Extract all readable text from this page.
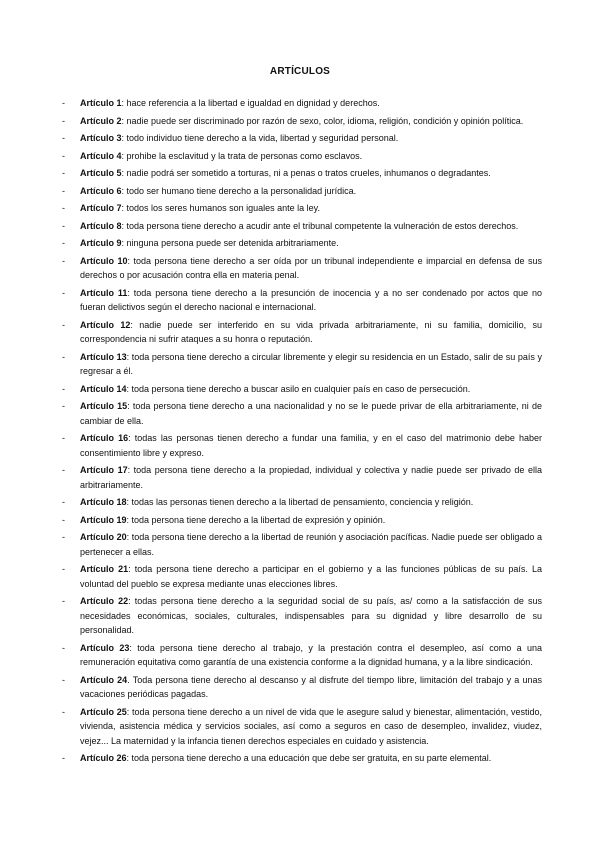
ARTÍCULOS
- Artículo 1: hace referencia a la libertad e igualdad en dignidad y derechos.
- Artículo 2: nadie puede ser discriminado por razón de sexo, color, idioma, religión, condición y opinión política.
- Artículo 3: todo individuo tiene derecho a la vida, libertad y seguridad personal.
- Artículo 4: prohibe la esclavitud y la trata de personas como esclavos.
- Artículo 5: nadie podrá ser sometido a torturas, ni a penas o tratos crueles, inhumanos o degradantes.
- Artículo 6: todo ser humano tiene derecho a la personalidad jurídica.
- Artículo 7: todos los seres humanos son iguales ante la ley.
- Artículo 8: toda persona tiene derecho a acudir ante el tribunal competente la vulneración de estos derechos.
- Artículo 9: ninguna persona puede ser detenida arbitrariamente.
- Artículo 10: toda persona tiene derecho a ser oída por un tribunal independiente e imparcial en defensa de sus derechos o por acusación contra ella en materia penal.
- Artículo 11: toda persona tiene derecho a la presunción de inocencia y a no ser condenado por actos que no fueran delictivos según el derecho nacional e internacional.
- Artículo 12: nadie puede ser interferido en su vida privada arbitrariamente, ni su familia, domicilio, su correspondencia ni sufrir ataques a su honra o reputación.
- Artículo 13: toda persona tiene derecho a circular libremente y elegir su residencia en un Estado, salir de su país y regresar a él.
- Artículo 14: toda persona tiene derecho a buscar asilo en cualquier país en caso de persecución.
- Artículo 15: toda persona tiene derecho a una nacionalidad y no se le puede privar de ella arbitrariamente, ni de cambiar de ella.
- Artículo 16: todas las personas tienen derecho a fundar una familia, y en el caso del matrimonio debe haber consentimiento libre y expreso.
- Artículo 17: toda persona tiene derecho a la propiedad, individual y colectiva y nadie puede ser privado de ella arbitrariamente.
- Artículo 18: todas las personas tienen derecho a la libertad de pensamiento, conciencia y religión.
- Artículo 19: toda persona tiene derecho a la libertad de expresión y opinión.
- Artículo 20: toda persona tiene derecho a la libertad de reunión y asociación pacíficas. Nadie puede ser obligado a pertenecer a ellas.
- Artículo 21: toda persona tiene derecho a participar en el gobierno y a las funciones públicas de su país. La voluntad del pueblo se expresa mediante unas elecciones libres.
- Artículo 22: todas persona tiene derecho a la seguridad social de su país, as/ como a la satisfacción de sus necesidades económicas, sociales, culturales, indispensables para su dignidad y libre desarrollo de su personalidad.
- Artículo 23: toda persona tiene derecho al trabajo, y la prestación contra el desempleo, así como a una remuneración equitativa como garantía de una existencia conforme a la dignidad humana, y a la libre sindicación.
- Artículo 24. Toda persona tiene derecho al descanso y al disfrute del tiempo libre, limitación del trabajo y a unas vacaciones periódicas pagadas.
- Artículo 25: toda persona tiene derecho a un nivel de vida que le asegure salud y bienestar, alimentación, vestido, vivienda, asistencia médica y servicios sociales, así como a seguros en caso de desempleo, invalidez, viudez, vejez... La maternidad y la infancia tienen derechos especiales en cuidado y asistencia.
- Artículo 26: toda persona tiene derecho a una educación que debe ser gratuita, en su parte elemental.
